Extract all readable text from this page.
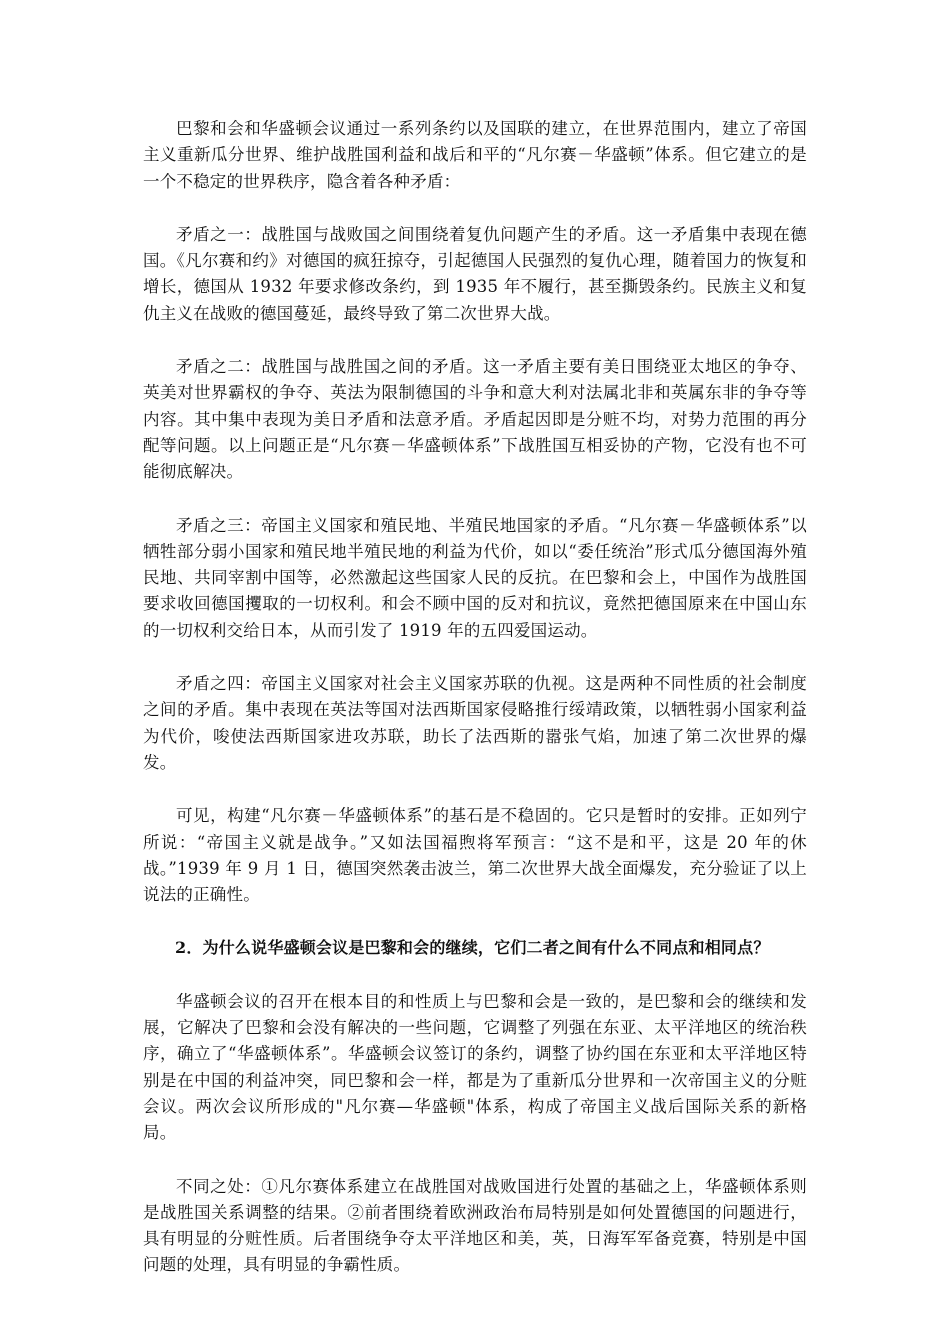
巴黎和会和华盛顿会议通过一系列条约以及国联的建立，在世界范围内，建立了帝国主义重新瓜分世界、维护战胜国利益和战后和平的“凡尔赛－华盛顿”体系。但它建立的是一个不稳定的世界秩序，隐含着各种矛盾：

矛盾之一：战胜国与战败国之间围绕着复仇问题产生的矛盾。这一矛盾集中表现在德国。《凡尔赛和约》对德国的疯狂掠夺，引起德国人民强烈的复仇心理，随着国力的恢复和增长，德国从 1932 年要求修改条约，到 1935 年不履行，甚至撕毁条约。民族主义和复仇主义在战败的德国蔓延，最终导致了第二次世界大战。

矛盾之二：战胜国与战胜国之间的矛盾。这一矛盾主要有美日围绕亚太地区的争夺、英美对世界霸权的争夺、英法为限制德国的斗争和意大利对法属北非和英属东非的争夺等内容。其中集中表现为美日矛盾和法意矛盾。矛盾起因即是分赃不均，对势力范围的再分配等问题。以上问题正是“凡尔赛－华盛顿体系”下战胜国互相妥协的产物，它没有也不可能彻底解决。

矛盾之三：帝国主义国家和殖民地、半殖民地国家的矛盾。“凡尔赛－华盛顿体系”以牺牲部分弱小国家和殖民地半殖民地的利益为代价，如以“委任统治”形式瓜分德国海外殖民地、共同宰割中国等，必然激起这些国家人民的反抗。在巴黎和会上，中国作为战胜国要求收回德国攫取的一切权利。和会不顾中国的反对和抗议，竟然把德国原来在中国山东的一切权利交给日本，从而引发了 1919 年的五四爱国运动。

矛盾之四：帝国主义国家对社会主义国家苏联的仇视。这是两种不同性质的社会制度之间的矛盾。集中表现在英法等国对法西斯国家侵略推行绥靖政策，以牺牲弱小国家利益为代价，唆使法西斯国家进攻苏联，助长了法西斯的嚣张气焰，加速了第二次世界的爆发。

可见，构建“凡尔赛－华盛顿体系”的基石是不稳固的。它只是暂时的安排。正如列宁所说：“帝国主义就是战争。”又如法国福煦将军预言：“这不是和平，这是 20 年的休战。”1939 年 9 月 1 日，德国突然袭击波兰，第二次世界大战全面爆发，充分验证了以上说法的正确性。

2．为什么说华盛顿会议是巴黎和会的继续，它们二者之间有什么不同点和相同点？

华盛顿会议的召开在根本目的和性质上与巴黎和会是一致的，是巴黎和会的继续和发展，它解决了巴黎和会没有解决的一些问题，它调整了列强在东亚、太平洋地区的统治秩序，确立了“华盛顿体系”。华盛顿会议签订的条约，调整了协约国在东亚和太平洋地区特别是在中国的利益冲突，同巴黎和会一样，都是为了重新瓜分世界和一次帝国主义的分赃会议。两次会议所形成的"凡尔赛—华盛顿"体系，构成了帝国主义战后国际关系的新格局。

不同之处：①凡尔赛体系建立在战胜国对战败国进行处置的基础之上，华盛顿体系则是战胜国关系调整的结果。②前者围绕着欧洲政治布局特别是如何处置德国的问题进行，具有明显的分赃性质。后者围绕争夺太平洋地区和美，英，日海军军备竞赛，特别是中国问题的处理，具有明显的争霸性质。
